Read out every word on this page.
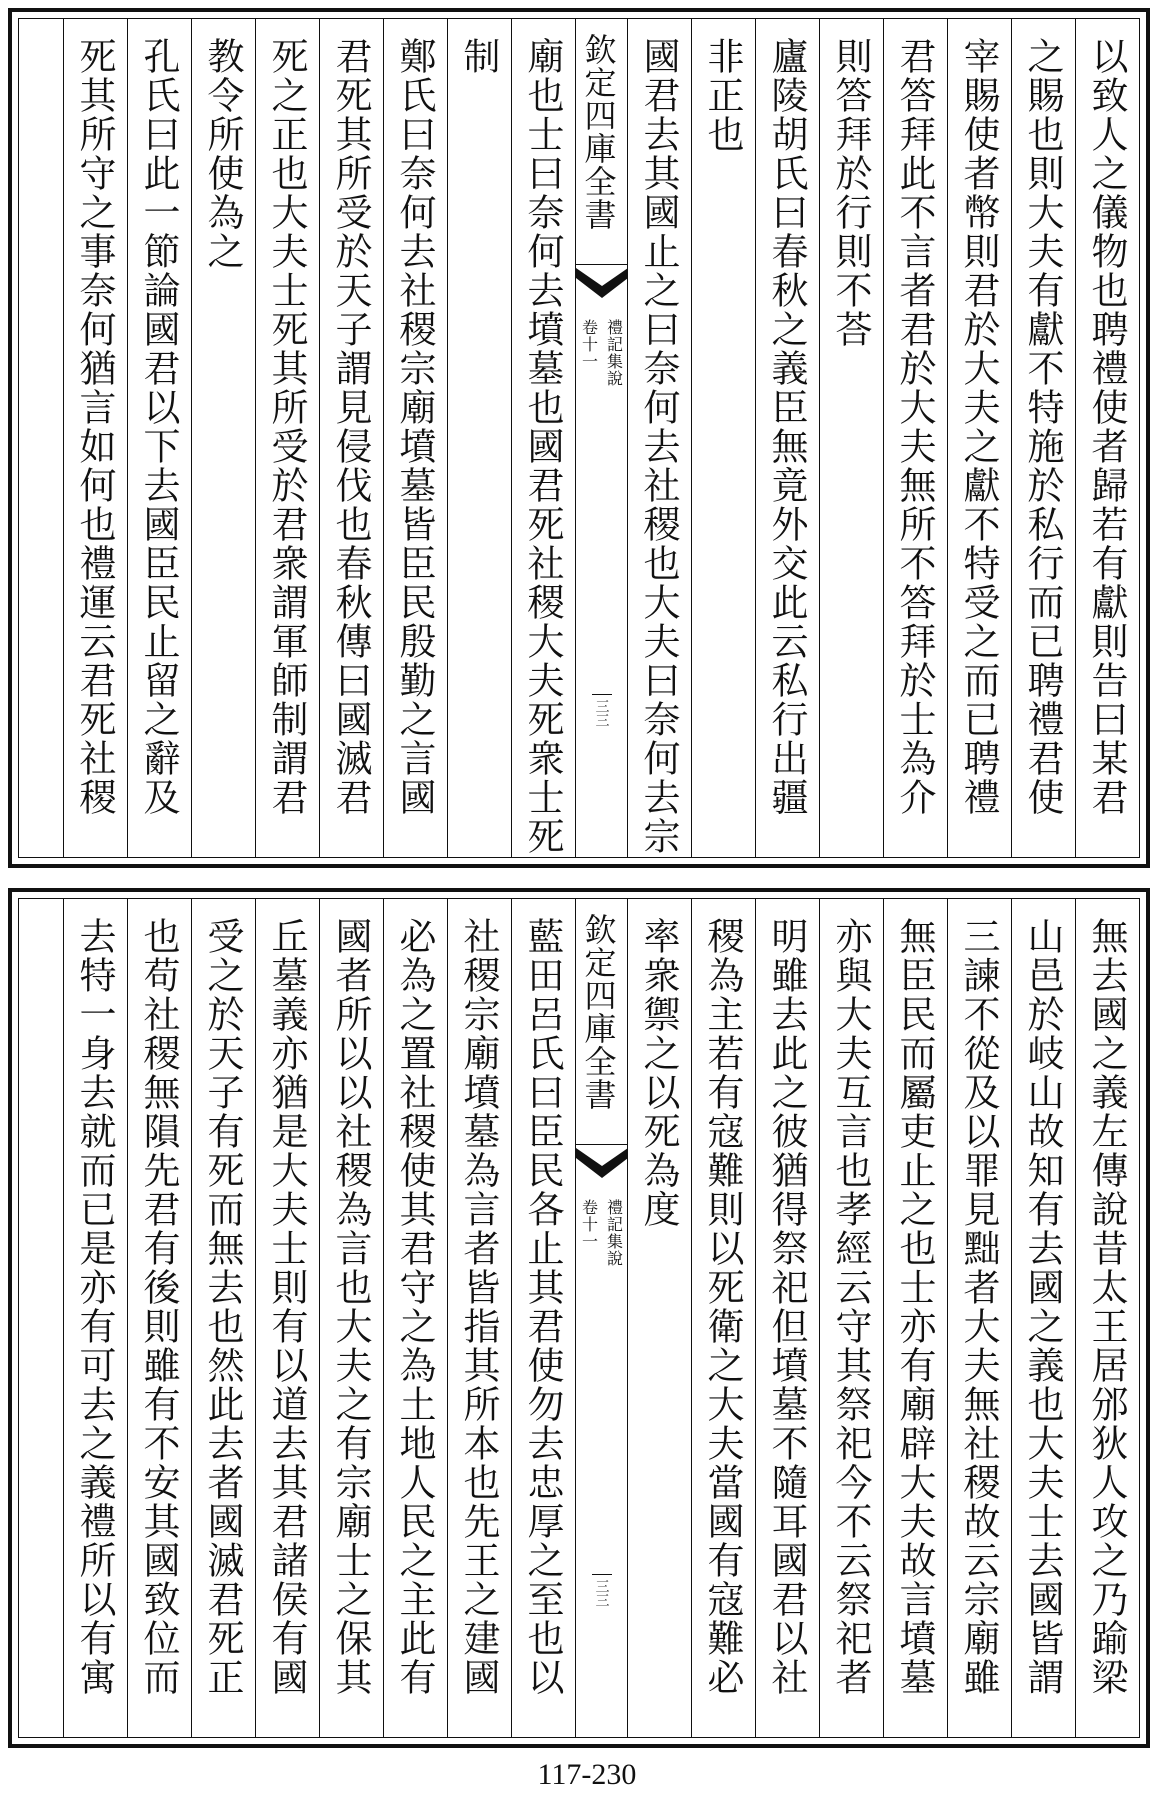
以致人之儀物也聘禮使者歸若有獻則告曰某君
之賜也則大夫有獻不特施於私行而已聘禮君使
宰賜使者幣則君於大夫之獻不特受之而已聘禮
君答拜此不言者君於大夫無所不答拜於士為介
則答拜於行則不荅
廬陵胡氏曰春秋之義臣無竟外交此云私行出疆
非正也
國君去其國止之曰奈何去社稷也大夫曰奈何去宗
欽定四庫全書
禮記集說
卷十一
三三
廟也士曰奈何去墳墓也國君死社稷大夫死衆士死
制
鄭氏曰奈何去社稷宗廟墳墓皆臣民殷勤之言國
君死其所受於天子謂見侵伐也春秋傳曰國滅君
死之正也大夫士死其所受於君衆謂軍師制謂君
教令所使為之
孔氏曰此一節論國君以下去國臣民止留之辭及
死其所守之事奈何猶言如何也禮運云君死社稷
無去國之義左傳說昔太王居邠狄人攻之乃踰梁
山邑於岐山故知有去國之義也大夫士去國皆謂
三諫不從及以罪見黜者大夫無社稷故云宗廟雖
無臣民而屬吏止之也士亦有廟辟大夫故言墳墓
亦與大夫互言也孝經云守其祭祀今不云祭祀者
明雖去此之彼猶得祭祀但墳墓不隨耳國君以社
稷為主若有寇難則以死衛之大夫當國有寇難必
率衆禦之以死為度
欽定四庫全書
禮記集說
卷十一
三三
藍田呂氏曰臣民各止其君使勿去忠厚之至也以
社稷宗廟墳墓為言者皆指其所本也先王之建國
必為之置社稷使其君守之為土地人民之主此有
國者所以以社稷為言也大夫之有宗廟士之保其
丘墓義亦猶是大夫士則有以道去其君諸侯有國
受之於天子有死而無去也然此去者國滅君死正
也苟社稷無隕先君有後則雖有不安其國致位而
去特一身去就而已是亦有可去之義禮所以有寓
117-230
